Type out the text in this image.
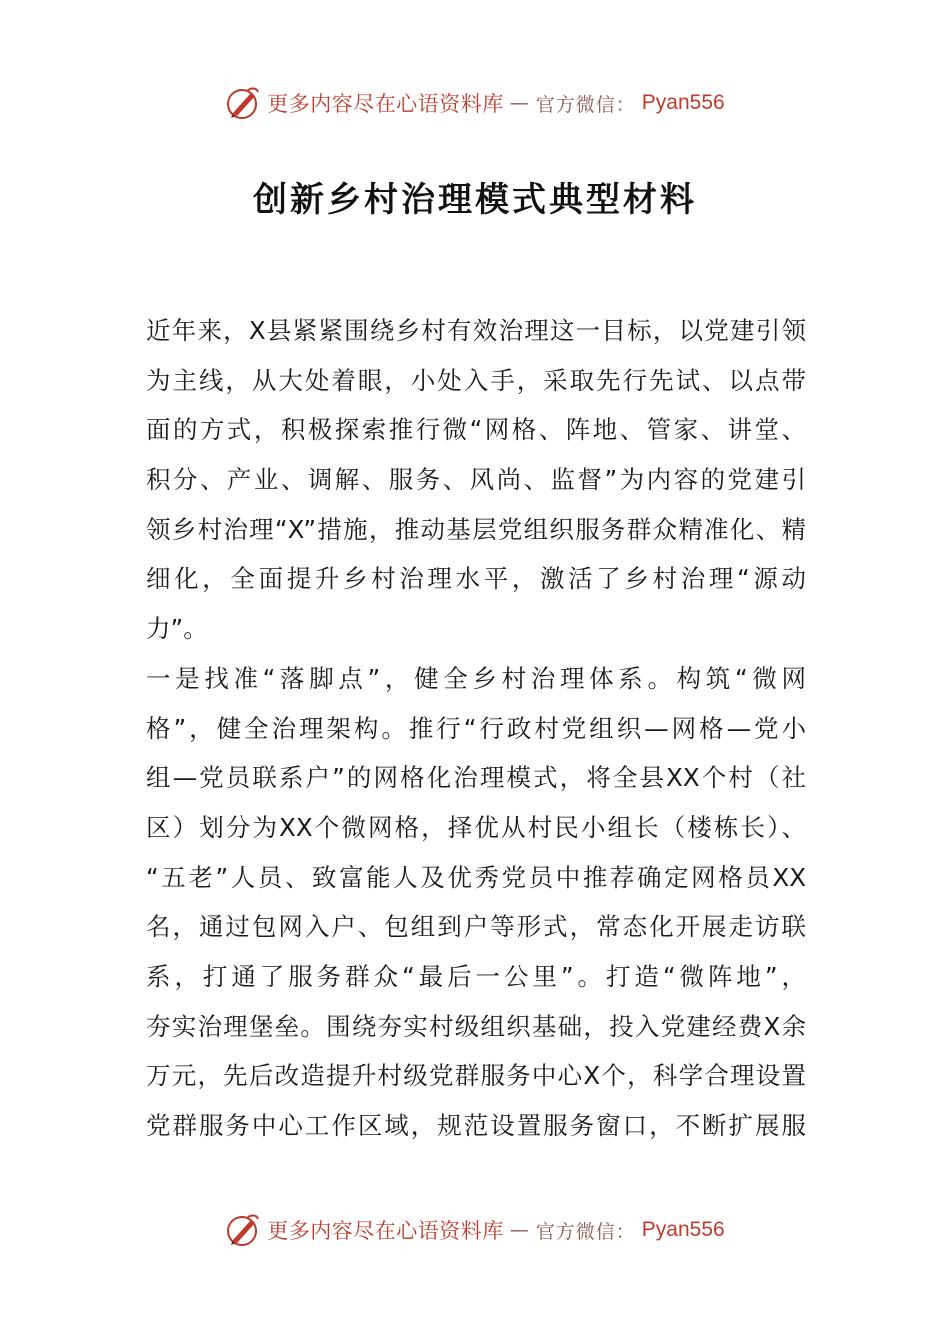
更多内容尽在心语资料库 — 官方微信： Pyan556
创新乡村治理模式典型材料
近年来，X县紧紧围绕乡村有效治理这一目标，以党建引领
为主线，从大处着眼，小处入手，采取先行先试、以点带
面的方式，积极探索推行微“网格、阵地、管家、讲堂、
积分、产业、调解、服务、风尚、监督”为内容的党建引
领乡村治理“X”措施，推动基层党组织服务群众精准化、精
细化，全面提升乡村治理水平，激活了乡村治理“源动
力”。
一是找准“落脚点”，健全乡村治理体系。构筑“微网
格”，健全治理架构。推行“行政村党组织—网格—党小
组—党员联系户”的网格化治理模式，将全县XX个村（社
区）划分为XX个微网格，择优从村民小组长（楼栋长）、
“五老”人员、致富能人及优秀党员中推荐确定网格员XX
名，通过包网入户、包组到户等形式，常态化开展走访联
系，打通了服务群众“最后一公里”。打造“微阵地”，
夯实治理堡垒。围绕夯实村级组织基础，投入党建经费X余
万元，先后改造提升村级党群服务中心X个，科学合理设置
党群服务中心工作区域，规范设置服务窗口，不断扩展服
更多内容尽在心语资料库 — 官方微信： Pyan556
